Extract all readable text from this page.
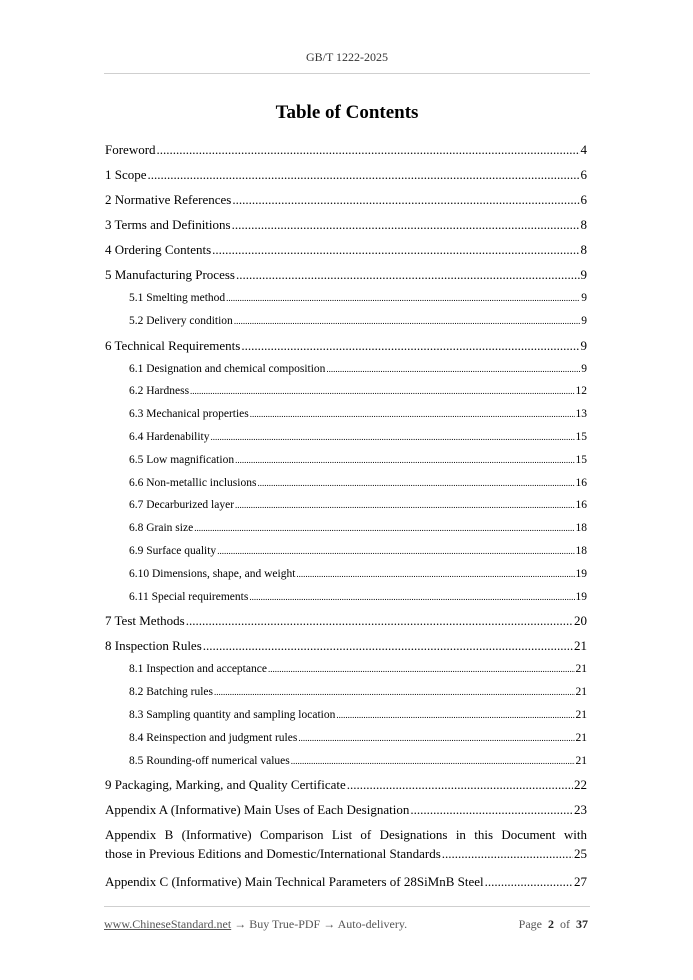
GB/T 1222-2025
Table of Contents
Foreword .....	4
1 Scope .....	6
2 Normative References .....	6
3 Terms and Definitions .....	8
4 Ordering Contents .....	8
5 Manufacturing Process .....	9
5.1 Smelting method .....	9
5.2 Delivery condition .....	9
6 Technical Requirements .....	9
6.1 Designation and chemical composition .....	9
6.2 Hardness .....	12
6.3 Mechanical properties .....	13
6.4 Hardenability .....	15
6.5 Low magnification .....	15
6.6 Non-metallic inclusions .....	16
6.7 Decarburized layer .....	16
6.8 Grain size .....	18
6.9 Surface quality .....	18
6.10 Dimensions, shape, and weight .....	19
6.11 Special requirements .....	19
7 Test Methods .....	20
8 Inspection Rules .....	21
8.1 Inspection and acceptance .....	21
8.2 Batching rules .....	21
8.3 Sampling quantity and sampling location .....	21
8.4 Reinspection and judgment rules .....	21
8.5 Rounding-off numerical values .....	21
9 Packaging, Marking, and Quality Certificate .....	22
Appendix A (Informative) Main Uses of Each Designation .....	23
Appendix B (Informative) Comparison List of Designations in this Document with
those in Previous Editions and Domestic/International Standards .....	25
Appendix C (Informative) Main Technical Parameters of 28SiMnB Steel .....	27
www.ChineseStandard.net → Buy True-PDF → Auto-delivery.	Page 2 of 37
